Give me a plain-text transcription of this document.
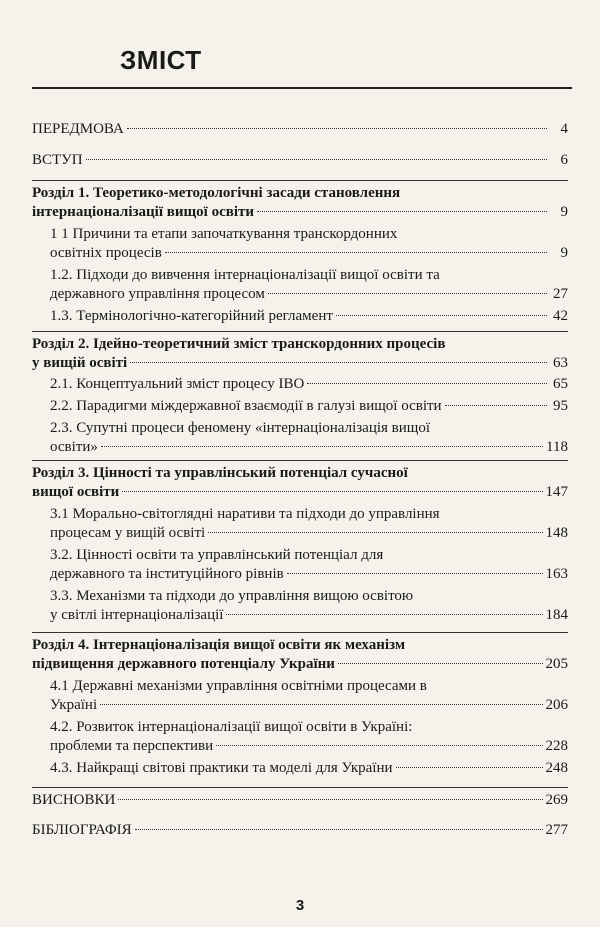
ЗМІСТ
ПЕРЕДМОВА	4
ВСТУП	6
Розділ 1. Теоретико-методологічні засади становлення
інтернаціоналізації вищої освіти	9
1 1 Причини та етапи започаткування транскордонних
освітніх процесів	9
1.2. Підходи до вивчення інтернаціоналізації вищої освіти та
державного управління процесом	27
1.3. Термінологічно-категорійний регламент	42
Розділ 2. Ідейно-теоретичний зміст транскордонних процесів
у вищій освіті	63
2.1. Концептуальний зміст процесу ІВО	65
2.2. Парадигми міждержавної взаємодії в галузі вищої освіти	95
2.3. Супутні процеси феномену «інтернаціоналізація вищої
освіти»	118
Розділ 3. Цінності та управлінський потенціал сучасної
вищої освіти	147
3.1 Морально-світоглядні наративи та підходи до управління
процесам у вищій освіті	148
3.2. Цінності освіти та управлінський потенціал для
державного та інституційного рівнів	163
3.3. Механізми та підходи до управління вищою освітою
у світлі інтернаціоналізації	184
Розділ 4. Інтернаціоналізація вищої освіти як механізм
підвищення державного потенціалу України	205
4.1 Державні механізми управління освітніми процесами в
Україні	206
4.2. Розвиток інтернаціоналізації вищої освіти в Україні:
проблеми та перспективи	228
4.3. Найкращі світові практики та моделі для України	248
ВИСНОВКИ	269
БІБЛІОГРАФІЯ	277
3
